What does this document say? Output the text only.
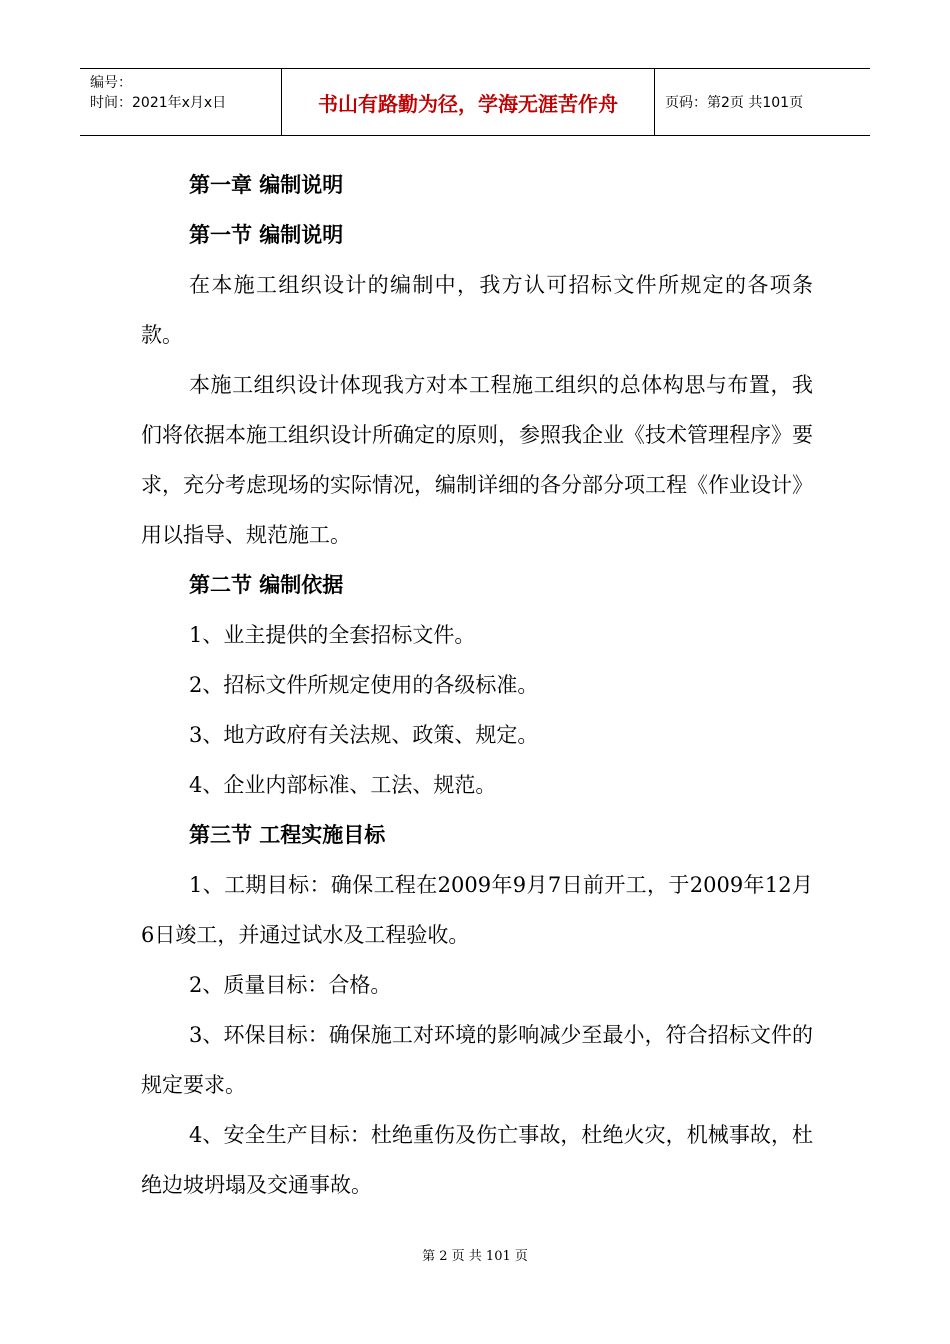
编号：
时间：2021年x月x日	书山有路勤为径，学海无涯苦作舟	页码：第2页 共101页
第一章 编制说明
第一节 编制说明

在本施工组织设计的编制中，我方认可招标文件所规定的各项条款。

本施工组织设计体现我方对本工程施工组织的总体构思与布置，我们将依据本施工组织设计所确定的原则，参照我企业《技术管理程序》要求，充分考虑现场的实际情况，编制详细的各分部分项工程《作业设计》用以指导、规范施工。

第二节 编制依据

1、业主提供的全套招标文件。

2、招标文件所规定使用的各级标准。

3、地方政府有关法规、政策、规定。

4、企业内部标准、工法、规范。

第三节 工程实施目标

1、工期目标：确保工程在2009年9月7日前开工，于2009年12月6日竣工，并通过试水及工程验收。

2、质量目标：合格。

3、环保目标：确保施工对环境的影响减少至最小，符合招标文件的规定要求。

4、安全生产目标：杜绝重伤及伤亡事故，杜绝火灾，机械事故，杜绝边坡坍塌及交通事故。

第 2 页 共 101 页
